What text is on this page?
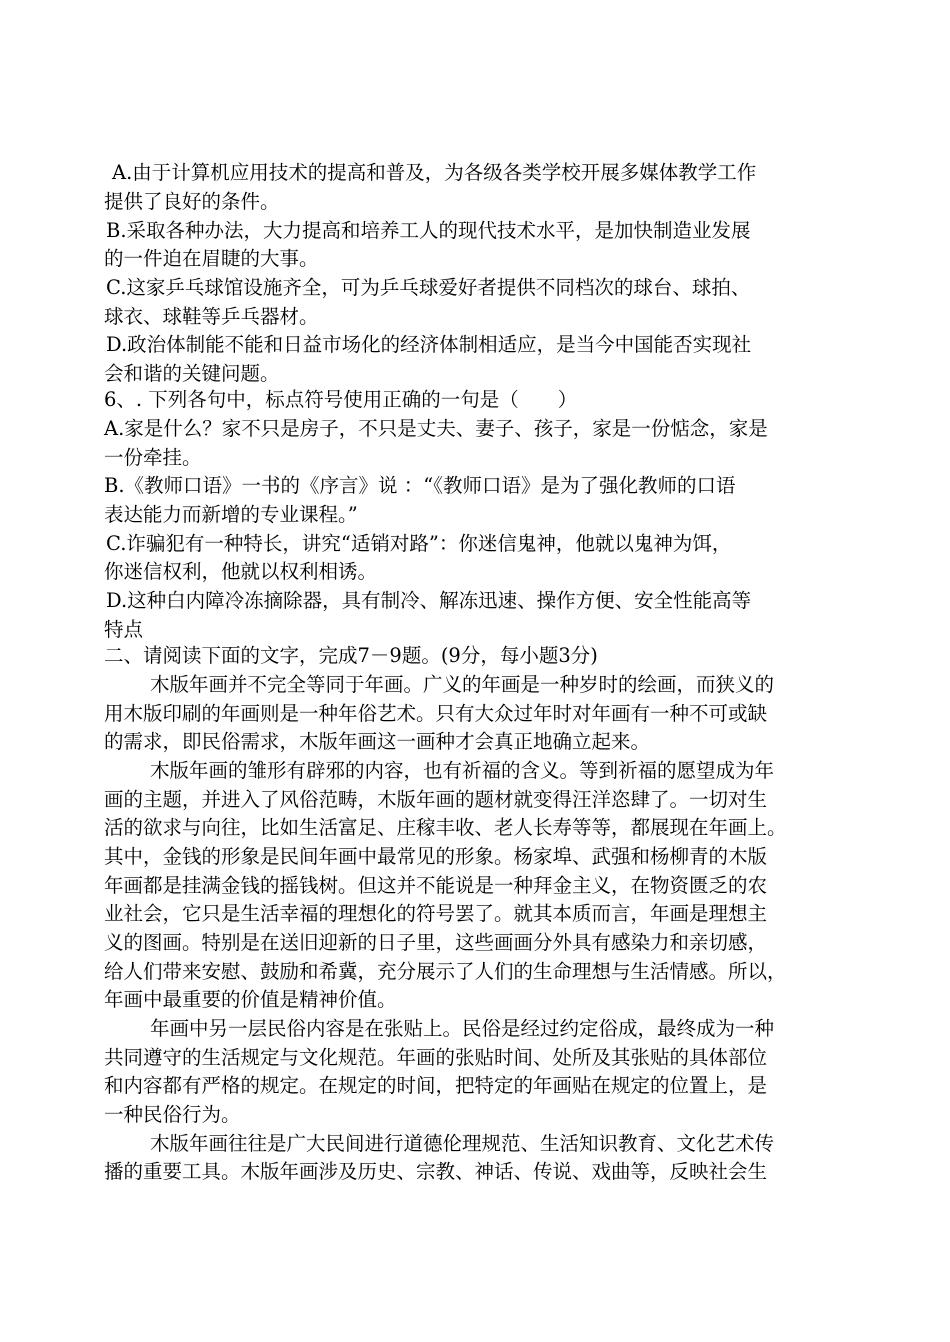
A.由于计算机应用技术的提高和普及，为各级各类学校开展多媒体教学工作
提供了良好的条件。
B.采取各种办法，大力提高和培养工人的现代技术水平，是加快制造业发展
的一件迫在眉睫的大事。
C.这家乒乓球馆设施齐全，可为乒乓球爱好者提供不同档次的球台、球拍、
球衣、球鞋等乒乓器材。
D.政治体制能不能和日益市场化的经济体制相适应，是当今中国能否实现社
会和谐的关键问题。
6、. 下列各句中，标点符号使用正确的一句是（　　）
A.家是什么？家不只是房子，不只是丈夫、妻子、孩子，家是一份惦念，家是
一份牵挂。
B.《教师口语》一书的《序言》说 ：“《教师口语》是为了强化教师的口语
表达能力而新增的专业课程。”
C.诈骗犯有一种特长，讲究“适销对路”：你迷信鬼神，他就以鬼神为饵，
你迷信权利，他就以权利相诱。
D.这种白内障冷冻摘除器，具有制冷、解冻迅速、操作方便、安全性能高等
特点
二、请阅读下面的文字，完成7－9题。(9分，每小题3分)
木版年画并不完全等同于年画。广义的年画是一种岁时的绘画，而狭义的
用木版印刷的年画则是一种年俗艺术。只有大众过年时对年画有一种不可或缺
的需求，即民俗需求，木版年画这一画种才会真正地确立起来。
木版年画的雏形有辟邪的内容，也有祈福的含义。等到祈福的愿望成为年
画的主题，并进入了风俗范畴，木版年画的题材就变得汪洋恣肆了。一切对生
活的欲求与向往，比如生活富足、庄稼丰收、老人长寿等等，都展现在年画上。
其中，金钱的形象是民间年画中最常见的形象。杨家埠、武强和杨柳青的木版
年画都是挂满金钱的摇钱树。但这并不能说是一种拜金主义，在物资匮乏的农
业社会，它只是生活幸福的理想化的符号罢了。就其本质而言，年画是理想主
义的图画。特别是在送旧迎新的日子里，这些画画分外具有感染力和亲切感，
给人们带来安慰、鼓励和希冀，充分展示了人们的生命理想与生活情感。所以，
年画中最重要的价值是精神价值。
年画中另一层民俗内容是在张贴上。民俗是经过约定俗成，最终成为一种
共同遵守的生活规定与文化规范。年画的张贴时间、处所及其张贴的具体部位
和内容都有严格的规定。在规定的时间，把特定的年画贴在规定的位置上，是
一种民俗行为。
木版年画往往是广大民间进行道德伦理规范、生活知识教育、文化艺术传
播的重要工具。木版年画涉及历史、宗教、神话、传说、戏曲等，反映社会生
